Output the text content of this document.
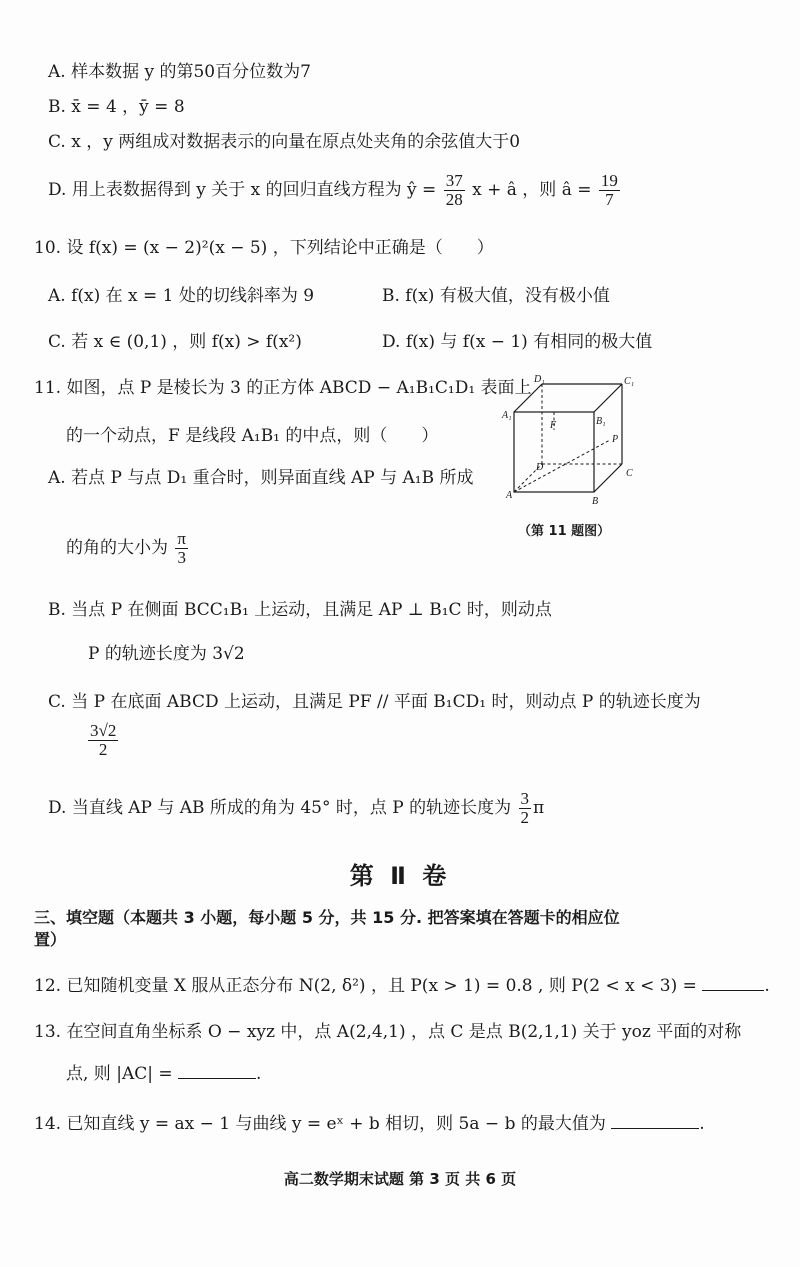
A. 样本数据 y 的第50百分位数为7
B. x̄ = 4 ，ȳ = 8
C. x ，y 两组成对数据表示的向量在原点处夹角的余弦值大于0
D. 用上表数据得到 y 关于 x 的回归直线方程为 ŷ = $\frac{37}{28}$ x + â ，则 â = $\frac{19}{7}$
10. 设 f(x) = (x − 2)²(x − 5) ，下列结论中正确是（　　）
A. f(x) 在 x = 1 处的切线斜率为 9	B. f(x) 有极大值，没有极小值
C. 若 x ∈ (0,1) ，则 f(x) > f(x²)	D. f(x) 与 f(x − 1) 有相同的极大值
11. 如图，点 P 是棱长为 3 的正方体 ABCD − A₁B₁C₁D₁ 表面上
的一个动点，F 是线段 A₁B₁ 的中点，则（　　）
A. 若点 P 与点 D₁ 重合时，则异面直线 AP 与 A₁B 所成
的角的大小为 $\frac{\pi}{3}$
D₁	C₁
A₁
B₁
F
P
D
C
A
B
（第 11 题图）
B. 当点 P 在侧面 BCC₁B₁ 上运动，且满足 AP ⊥ B₁C 时，则动点
P 的轨迹长度为 3√2
C. 当 P 在底面 ABCD 上运动，且满足 PF // 平面 B₁CD₁ 时，则动点 P 的轨迹长度为
$\frac{3√2}{2}$
D. 当直线 AP 与 AB 所成的角为 45° 时，点 P 的轨迹长度为 $\frac{3}{2}$ π
第 Ⅱ 卷
三、填空题（本题共 3 小题，每小题 5 分，共 15 分. 把答案填在答题卡的相应位
置）
12. 已知随机变量 X 服从正态分布 N(2, δ²) ，且 P(x > 1) = 0.8 , 则 P(2 < x < 3) =	.
13. 在空间直角坐标系 O − xyz 中，点 A(2,4,1) ，点 C 是点 B(2,1,1) 关于 yoz 平面的对称
点, 则 |AC| =	.
14. 已知直线 y = ax − 1 与曲线 y = eˣ + b 相切，则 5a − b 的最大值为	.
高二数学期末试题 第 3 页 共 6 页
